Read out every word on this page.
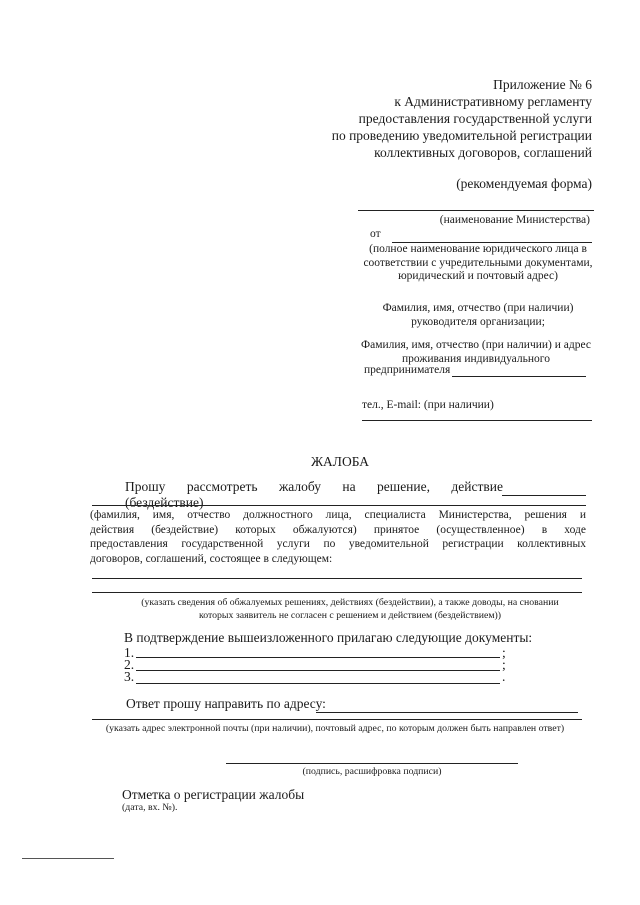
Приложение № 6
к Административному регламенту
предоставления государственной услуги
по проведению уведомительной регистрации
коллективных договоров, соглашений
(рекомендуемая форма)
(наименование Министерства)
от
(полное наименование юридического лица в
соответствии с учредительными документами,
юридический и почтовый адрес)
Фамилия, имя, отчество (при наличии)
руководителя организации;
Фамилия, имя, отчество (при наличии) и адрес
проживания индивидуального
предпринимателя
тел., E-mail: (при наличии)
ЖАЛОБА
Прошу рассмотреть жалобу на решение, действие (бездействие)
(фамилия, имя, отчество должностного лица, специалиста Министерства, решения и
действия (бездействие) которых обжалуются) принятое (осуществленное) в ходе
предоставления государственной услуги по уведомительной регистрации коллективных
договоров, соглашений, состоящее в следующем:
(указать сведения об обжалуемых решениях, действиях (бездействии), а также доводы, на сновании
которых заявитель не согласен с решением и действием (бездействием))
В подтверждение вышеизложенного прилагаю следующие документы:
1.	;
2.	;
3.	.
Ответ прошу направить по адресу:
(указать адрес электронной почты (при наличии), почтовый адрес, по которым должен быть направлен ответ)
(подпись, расшифровка подписи)
Отметка о регистрации жалобы
(дата, вх. №).
